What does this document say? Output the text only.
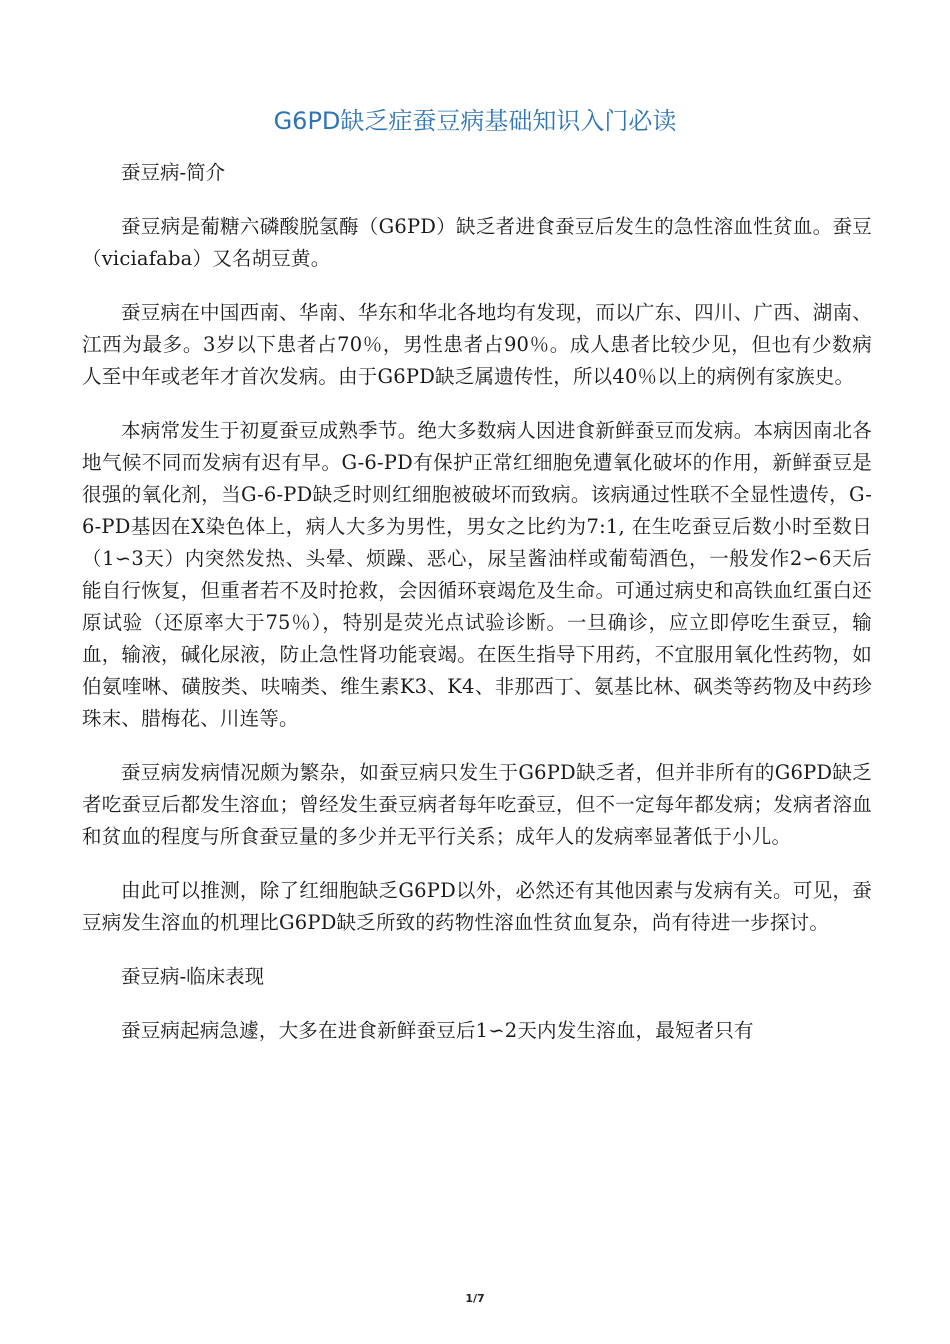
G6PD缺乏症蚕豆病基础知识入门必读

蚕豆病-简介

蚕豆病是葡糖六磷酸脱氢酶（G6PD）缺乏者进食蚕豆后发生的急性溶血性贫血。蚕豆（viciafaba）又名胡豆黄。

蚕豆病在中国西南、华南、华东和华北各地均有发现，而以广东、四川、广西、湖南、江西为最多。3岁以下患者占70％，男性患者占90％。成人患者比较少见，但也有少数病人至中年或老年才首次发病。由于G6PD缺乏属遗传性，所以40％以上的病例有家族史。

本病常发生于初夏蚕豆成熟季节。绝大多数病人因进食新鲜蚕豆而发病。本病因南北各地气候不同而发病有迟有早。G-6-PD有保护正常红细胞免遭氧化破坏的作用，新鲜蚕豆是很强的氧化剂，当G-6-PD缺乏时则红细胞被破坏而致病。该病通过性联不全显性遗传，G-6-PD基因在X染色体上，病人大多为男性，男女之比约为7:1, 在生吃蚕豆后数小时至数日（1∽3天）内突然发热、头晕、烦躁、恶心，尿呈酱油样或葡萄酒色，一般发作2∽6天后能自行恢复，但重者若不及时抢救，会因循环衰竭危及生命。可通过病史和高铁血红蛋白还原试验（还原率大于75％），特别是荧光点试验诊断。一旦确诊，应立即停吃生蚕豆，输血，输液，碱化尿液，防止急性肾功能衰竭。在医生指导下用药，不宜服用氧化性药物，如伯氨喹啉、磺胺类、呋喃类、维生素K3、K4、非那西丁、氨基比林、砜类等药物及中药珍珠末、腊梅花、川连等。

蚕豆病发病情况颇为繁杂，如蚕豆病只发生于G6PD缺乏者，但并非所有的G6PD缺乏者吃蚕豆后都发生溶血；曾经发生蚕豆病者每年吃蚕豆，但不一定每年都发病；发病者溶血和贫血的程度与所食蚕豆量的多少并无平行关系；成年人的发病率显著低于小儿。

由此可以推测，除了红细胞缺乏G6PD以外，必然还有其他因素与发病有关。可见，蚕豆病发生溶血的机理比G6PD缺乏所致的药物性溶血性贫血复杂，尚有待进一步探讨。

蚕豆病-临床表现

蚕豆病起病急遽，大多在进食新鲜蚕豆后1∽2天内发生溶血，最短者只有

1/7
